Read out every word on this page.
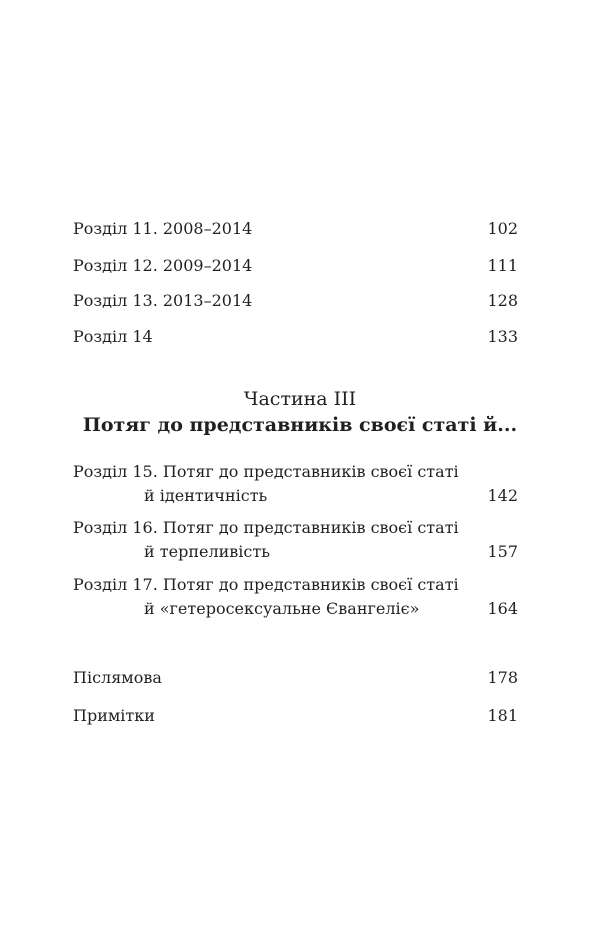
Розділ 11. 2008–2014	102
Розділ 12. 2009–2014	111
Розділ 13. 2013–2014	128
Розділ 14	133
Частина ІІІ
Потяг до представників своєї статі й...
Розділ 15. Потяг до представників своєї статі
й ідентичність	142
Розділ 16. Потяг до представників своєї статі
й терпеливість	157
Розділ 17. Потяг до представників своєї статі
й «гетеросексуальне Євангеліє»	164
Післямова	178
Примітки	181
